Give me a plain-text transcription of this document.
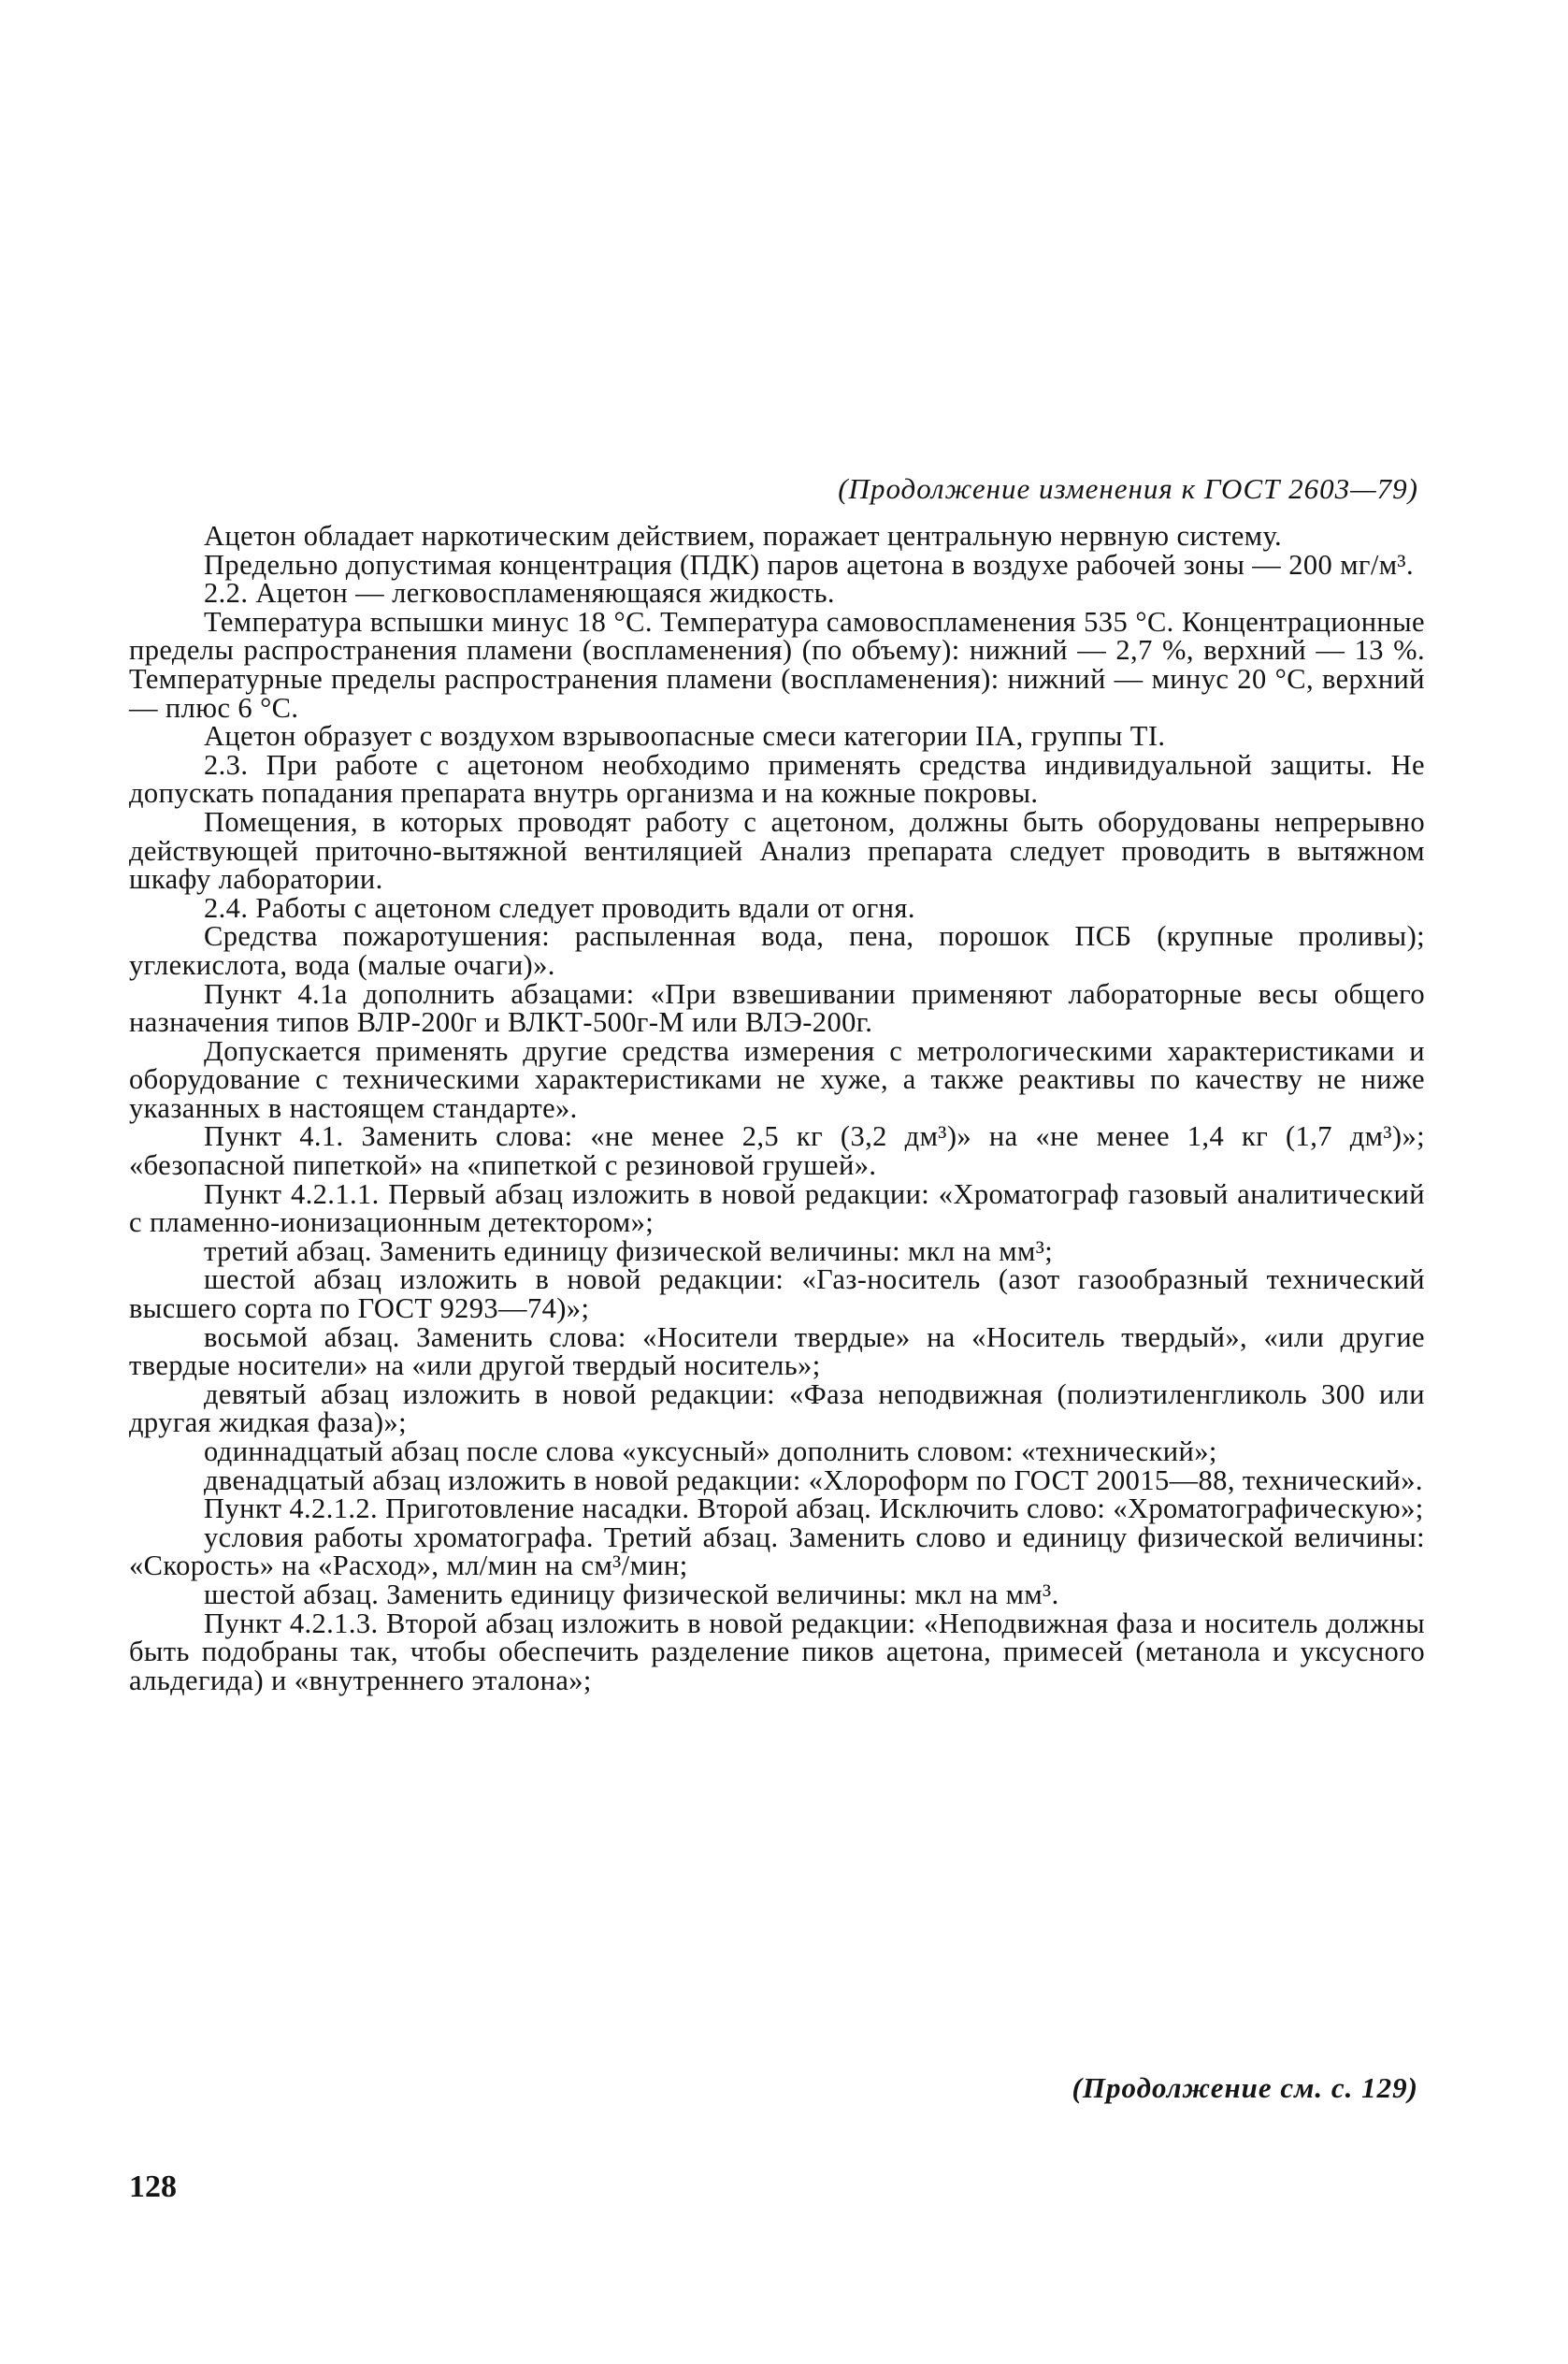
(Продолжение изменения к ГОСТ 2603—79)

Ацетон обладает наркотическим действием, поражает центральную нервную систему.

Предельно допустимая концентрация (ПДК) паров ацетона в воздухе рабочей зоны — 200 мг/м³.

2.2. Ацетон — легковоспламеняющаяся жидкость.

Температура вспышки минус 18 °С. Температура самовоспламенения 535 °С. Концентрационные пределы распространения пламени (воспламенения) (по объему): нижний — 2,7 %, верхний — 13 %. Температурные пределы распространения пламени (воспламенения): нижний — минус 20 °С, верхний — плюс 6 °С.

Ацетон образует с воздухом взрывоопасные смеси категории IIA, группы TI.

2.3. При работе с ацетоном необходимо применять средства индивидуальной защиты. Не допускать попадания препарата внутрь организма и на кожные покровы.

Помещения, в которых проводят работу с ацетоном, должны быть оборудованы непрерывно действующей приточно-вытяжной вентиляцией Анализ препарата следует проводить в вытяжном шкафу лаборатории.

2.4. Работы с ацетоном следует проводить вдали от огня.

Средства пожаротушения: распыленная вода, пена, порошок ПСБ (крупные проливы); углекислота, вода (малые очаги)».

Пункт 4.1а дополнить абзацами: «При взвешивании применяют лабораторные весы общего назначения типов ВЛР-200г и ВЛКТ-500г-М или ВЛЭ-200г.

Допускается применять другие средства измерения с метрологическими характеристиками и оборудование с техническими характеристиками не хуже, а также реактивы по качеству не ниже указанных в настоящем стандарте».

Пункт 4.1. Заменить слова: «не менее 2,5 кг (3,2 дм³)» на «не менее 1,4 кг (1,7 дм³)»; «безопасной пипеткой» на «пипеткой с резиновой грушей».

Пункт 4.2.1.1. Первый абзац изложить в новой редакции: «Хроматограф газовый аналитический с пламенно-ионизационным детектором»;

третий абзац. Заменить единицу физической величины: мкл на мм³;

шестой абзац изложить в новой редакции: «Газ-носитель (азот газообразный технический высшего сорта по ГОСТ 9293—74)»;

восьмой абзац. Заменить слова: «Носители твердые» на «Носитель твердый», «или другие твердые носители» на «или другой твердый носитель»;

девятый абзац изложить в новой редакции: «Фаза неподвижная (полиэтиленгликоль 300 или другая жидкая фаза)»;

одиннадцатый абзац после слова «уксусный» дополнить словом: «технический»;

двенадцатый абзац изложить в новой редакции: «Хлороформ по ГОСТ 20015—88, технический».

Пункт 4.2.1.2. Приготовление насадки. Второй абзац. Исключить слово: «Хроматографическую»;

условия работы хроматографа. Третий абзац. Заменить слово и единицу физической величины: «Скорость» на «Расход», мл/мин на см³/мин;

шестой абзац. Заменить единицу физической величины: мкл на мм³.

Пункт 4.2.1.3. Второй абзац изложить в новой редакции: «Неподвижная фаза и носитель должны быть подобраны так, чтобы обеспечить разделение пиков ацетона, примесей (метанола и уксусного альдегида) и «внутреннего эталона»;

(Продолжение см. с. 129)
128
